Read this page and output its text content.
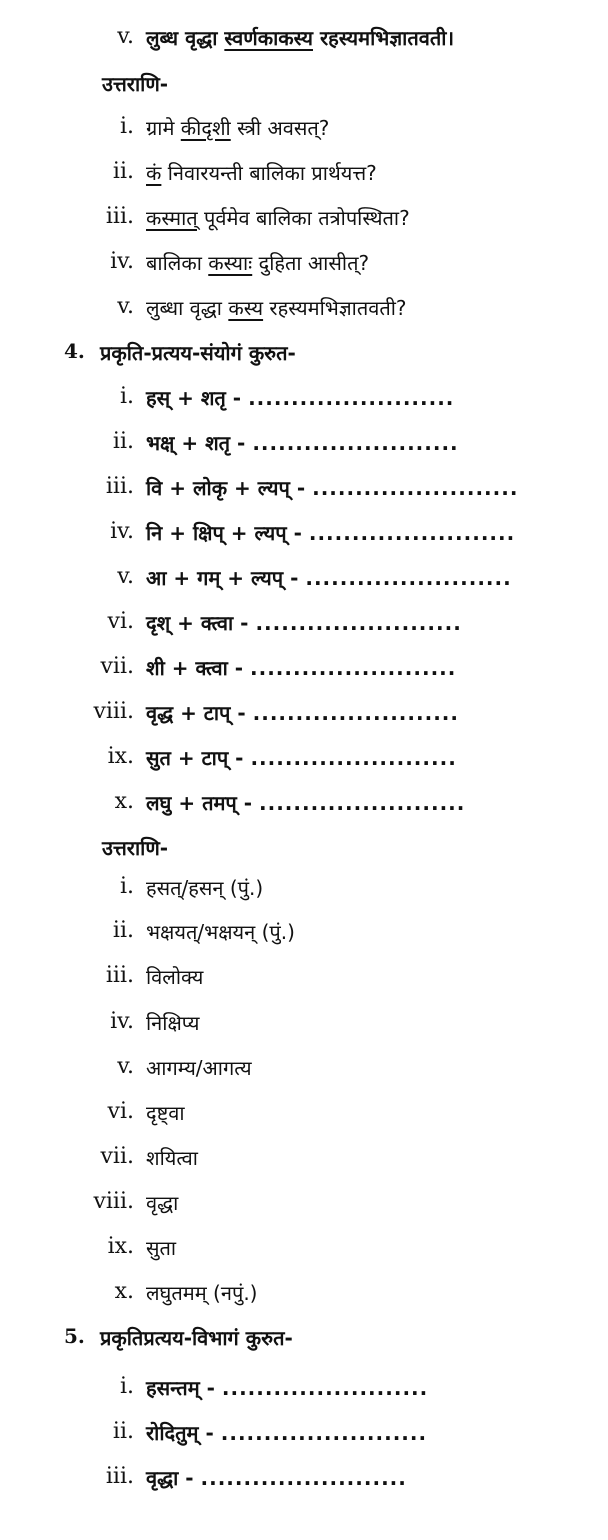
v. लुब्ध वृद्धा स्वर्णकाकस्य रहस्यमभिज्ञातवती।
उत्तराणि-
i. ग्रामे कीदृशी स्त्री अवसत्?
ii. कं निवारयन्ती बालिका प्रार्थयत्त?
iii. कस्मात् पूर्वमेव बालिका तत्रोपस्थिता?
iv. बालिका कस्याः दुहिता आसीत्?
v. लुब्धा वृद्धा कस्य रहस्यमभिज्ञातवती?
4. प्रकृति-प्रत्यय-संयोगं कुरुत-
i. हस् + शतृ - ........................
ii. भक्ष् + शतृ - ........................
iii. वि + लोकृ + ल्यप् - ........................
iv. नि + क्षिप् + ल्यप् - ........................
v. आ + गम् + ल्यप् - ........................
vi. दृश् + क्त्वा - ........................
vii. शी + क्त्वा - ........................
viii. वृद्ध + टाप् - ........................
ix. सुत + टाप् - ........................
x. लघु + तमप् - ........................
उत्तराणि-
i. हसत्/हसन् (पुं.)
ii. भक्षयत्/भक्षयन् (पुं.)
iii. विलोक्य
iv. निक्षिप्य
v. आगम्य/आगत्य
vi. दृष्ट्वा
vii. शयित्वा
viii. वृद्धा
ix. सुता
x. लघुतमम् (नपुं.)
5. प्रकृतिप्रत्यय-विभागं कुरुत-
i. हसन्तम् - ........................
ii. रोदितुम् - ........................
iii. वृद्धा - ........................
